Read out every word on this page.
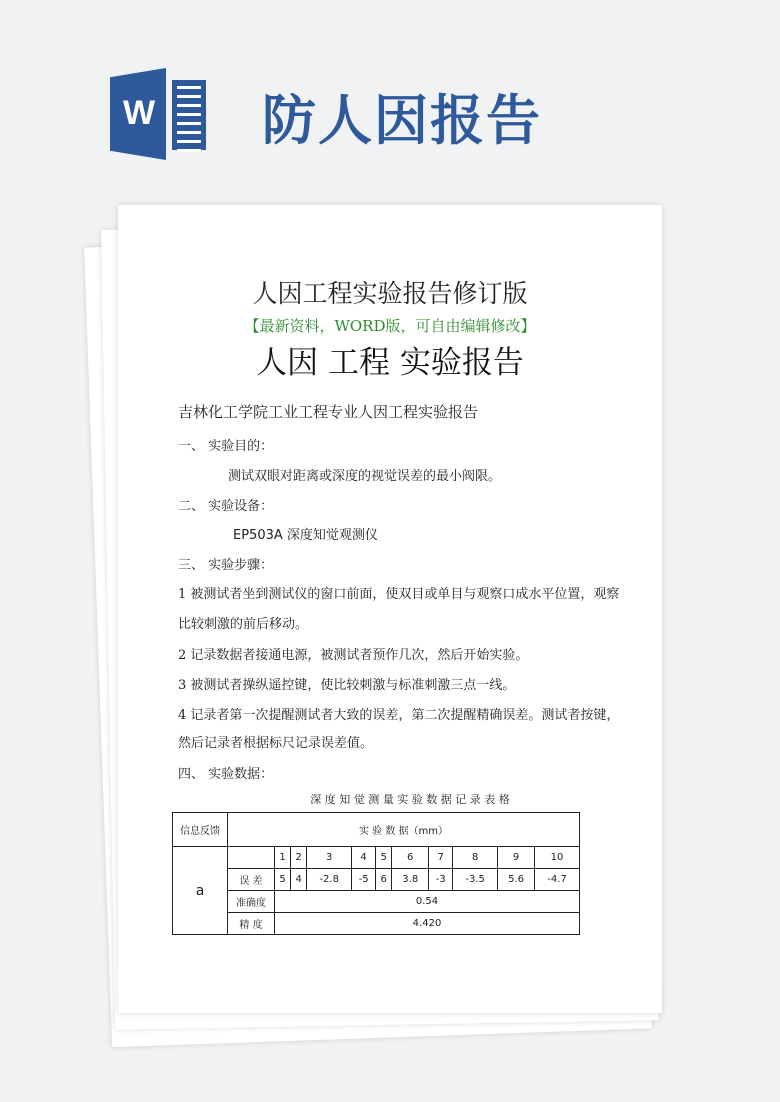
W 防人因报告
人因工程实验报告修订版
【最新资料，WORD版，可自由编辑修改】
人因 工程 实验报告
吉林化工学院工业工程专业人因工程实验报告
一、 实验目的：
测试双眼对距离或深度的视觉误差的最小阀限。
二、 实验设备：
EP503A 深度知觉观测仪
三、 实验步骤：
1 被测试者坐到测试仪的窗口前面，使双目或单目与观察口成水平位置，观察
比较刺激的前后移动。
2 记录数据者接通电源，被测试者预作几次，然后开始实验。
3 被测试者操纵遥控键，使比较刺激与标准刺激三点一线。
4 记录者第一次提醒测试者大致的误差，第二次提醒精确误差。测试者按键，
然后记录者根据标尺记录误差值。
四、 实验数据：
深 度 知 觉 测 量 实 验 数 据 记 录 表 格
信息反馈	实 验 数 据（mm）										
a		1	2	3	4	5	6	7	8	9	10
	误 差	5	4	-2.8	-5	6	3.8	-3	-3.5	5.6	-4.7
	准确度	0.54									
	精 度	4.420									
